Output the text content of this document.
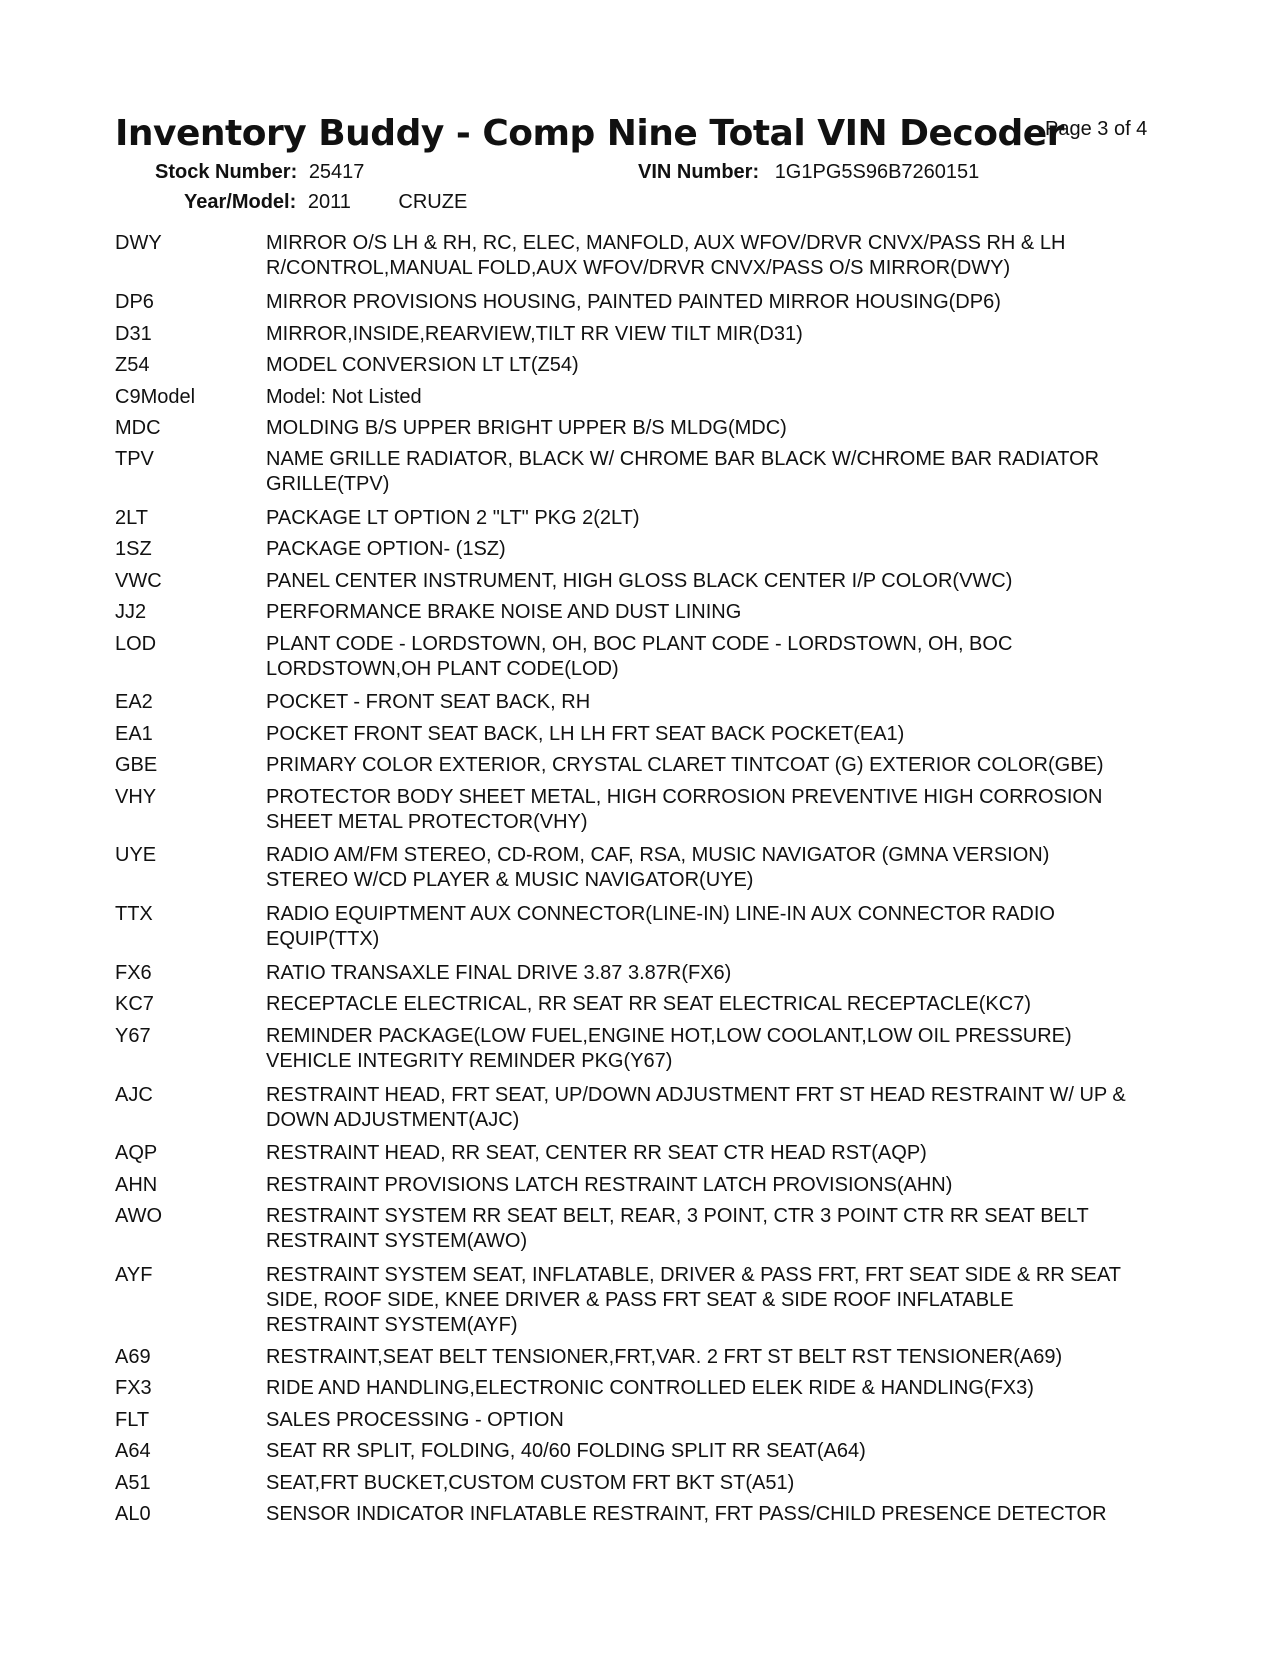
Inventory Buddy - Comp Nine Total VIN Decoder
Page 3 of 4
Stock Number: 25417	VIN Number: 1G1PG5S96B7260151
Year/Model: 2011 CRUZE
DWY	MIRROR O/S LH & RH, RC, ELEC, MANFOLD, AUX WFOV/DRVR CNVX/PASS RH & LH
R/CONTROL,MANUAL FOLD,AUX WFOV/DRVR CNVX/PASS O/S MIRROR(DWY)
DP6	MIRROR PROVISIONS HOUSING, PAINTED PAINTED MIRROR HOUSING(DP6)
D31	MIRROR,INSIDE,REARVIEW,TILT RR VIEW TILT MIR(D31)
Z54	MODEL CONVERSION LT LT(Z54)
C9Model	Model: Not Listed
MDC	MOLDING B/S UPPER BRIGHT UPPER B/S MLDG(MDC)
TPV	NAME GRILLE RADIATOR, BLACK W/ CHROME BAR BLACK W/CHROME BAR RADIATOR
GRILLE(TPV)
2LT	PACKAGE LT OPTION 2 "LT" PKG 2(2LT)
1SZ	PACKAGE OPTION- (1SZ)
VWC	PANEL CENTER INSTRUMENT, HIGH GLOSS BLACK CENTER I/P COLOR(VWC)
JJ2	PERFORMANCE BRAKE NOISE AND DUST LINING
LOD	PLANT CODE - LORDSTOWN, OH, BOC PLANT CODE - LORDSTOWN, OH, BOC
LORDSTOWN,OH PLANT CODE(LOD)
EA2	POCKET - FRONT SEAT BACK, RH
EA1	POCKET FRONT SEAT BACK, LH LH FRT SEAT BACK POCKET(EA1)
GBE	PRIMARY COLOR EXTERIOR, CRYSTAL CLARET TINTCOAT (G) EXTERIOR COLOR(GBE)
VHY	PROTECTOR BODY SHEET METAL, HIGH CORROSION PREVENTIVE HIGH CORROSION
SHEET METAL PROTECTOR(VHY)
UYE	RADIO AM/FM STEREO, CD-ROM, CAF, RSA, MUSIC NAVIGATOR (GMNA VERSION)
STEREO W/CD PLAYER & MUSIC NAVIGATOR(UYE)
TTX	RADIO EQUIPTMENT AUX CONNECTOR(LINE-IN) LINE-IN AUX CONNECTOR RADIO
EQUIP(TTX)
FX6	RATIO TRANSAXLE FINAL DRIVE 3.87 3.87R(FX6)
KC7	RECEPTACLE ELECTRICAL, RR SEAT RR SEAT ELECTRICAL RECEPTACLE(KC7)
Y67	REMINDER PACKAGE(LOW FUEL,ENGINE HOT,LOW COOLANT,LOW OIL PRESSURE)
VEHICLE INTEGRITY REMINDER PKG(Y67)
AJC	RESTRAINT HEAD, FRT SEAT, UP/DOWN ADJUSTMENT FRT ST HEAD RESTRAINT W/ UP &
DOWN ADJUSTMENT(AJC)
AQP	RESTRAINT HEAD, RR SEAT, CENTER RR SEAT CTR HEAD RST(AQP)
AHN	RESTRAINT PROVISIONS LATCH RESTRAINT LATCH PROVISIONS(AHN)
AWO	RESTRAINT SYSTEM RR SEAT BELT, REAR, 3 POINT, CTR 3 POINT CTR RR SEAT BELT
RESTRAINT SYSTEM(AWO)
AYF	RESTRAINT SYSTEM SEAT, INFLATABLE, DRIVER & PASS FRT, FRT SEAT SIDE & RR SEAT
SIDE, ROOF SIDE, KNEE DRIVER & PASS FRT SEAT & SIDE ROOF INFLATABLE
RESTRAINT SYSTEM(AYF)
A69	RESTRAINT,SEAT BELT TENSIONER,FRT,VAR. 2 FRT ST BELT RST TENSIONER(A69)
FX3	RIDE AND HANDLING,ELECTRONIC CONTROLLED ELEK RIDE & HANDLING(FX3)
FLT	SALES PROCESSING - OPTION
A64	SEAT RR SPLIT, FOLDING, 40/60 FOLDING SPLIT RR SEAT(A64)
A51	SEAT,FRT BUCKET,CUSTOM CUSTOM FRT BKT ST(A51)
AL0	SENSOR INDICATOR INFLATABLE RESTRAINT, FRT PASS/CHILD PRESENCE DETECTOR
